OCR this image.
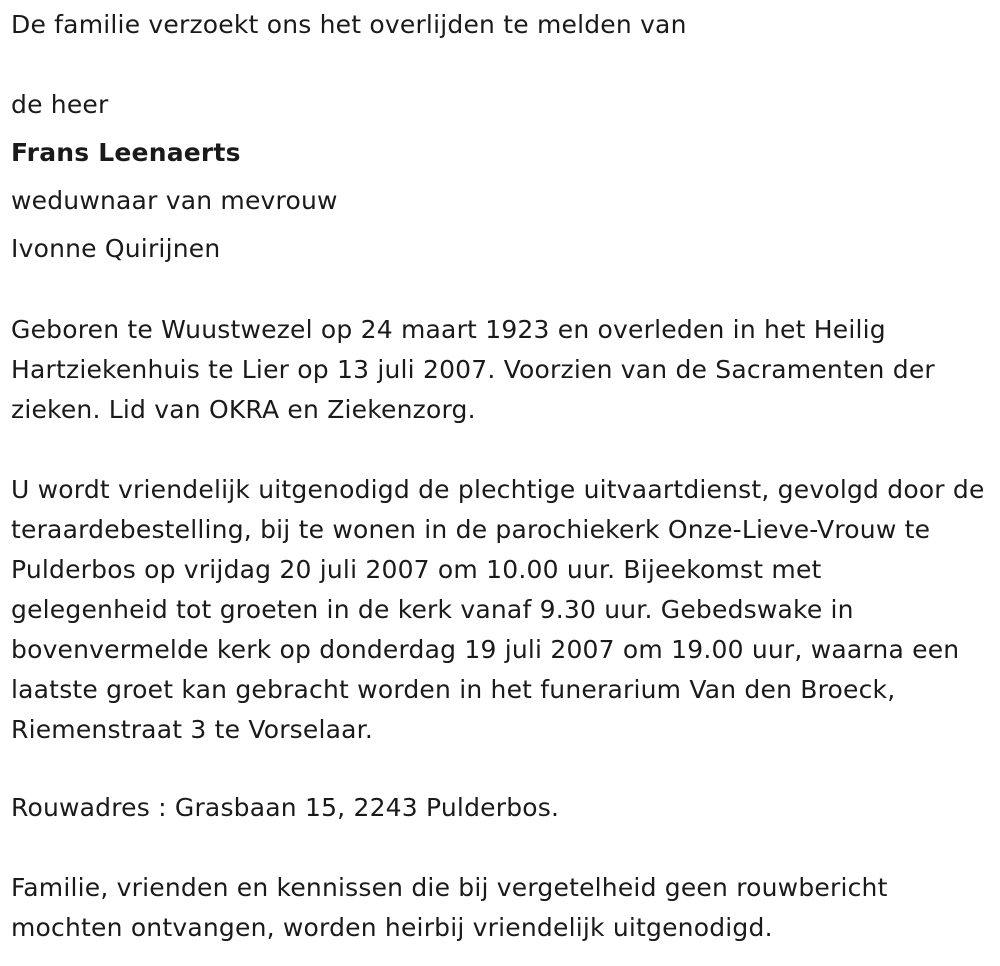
De familie verzoekt ons het overlijden te melden van
de heer
Frans Leenaerts
weduwnaar van mevrouw
Ivonne Quirijnen

Geboren te Wuustwezel op 24 maart 1923 en overleden in het Heilig Hartziekenhuis te Lier op 13 juli 2007. Voorzien van de Sacramenten der zieken. Lid van OKRA en Ziekenzorg.

U wordt vriendelijk uitgenodigd de plechtige uitvaartdienst, gevolgd door de teraardebestelling, bij te wonen in de parochiekerk Onze-Lieve-Vrouw te Pulderbos op vrijdag 20 juli 2007 om 10.00 uur. Bijeekomst met gelegenheid tot groeten in de kerk vanaf 9.30 uur. Gebedswake in bovenvermelde kerk op donderdag 19 juli 2007 om 19.00 uur, waarna een laatste groet kan gebracht worden in het funerarium Van den Broeck, Riemenstraat 3 te Vorselaar.

Rouwadres : Grasbaan 15, 2243 Pulderbos.

Familie, vrienden en kennissen die bij vergetelheid geen rouwbericht mochten ontvangen, worden heirbij vriendelijk uitgenodigd.
